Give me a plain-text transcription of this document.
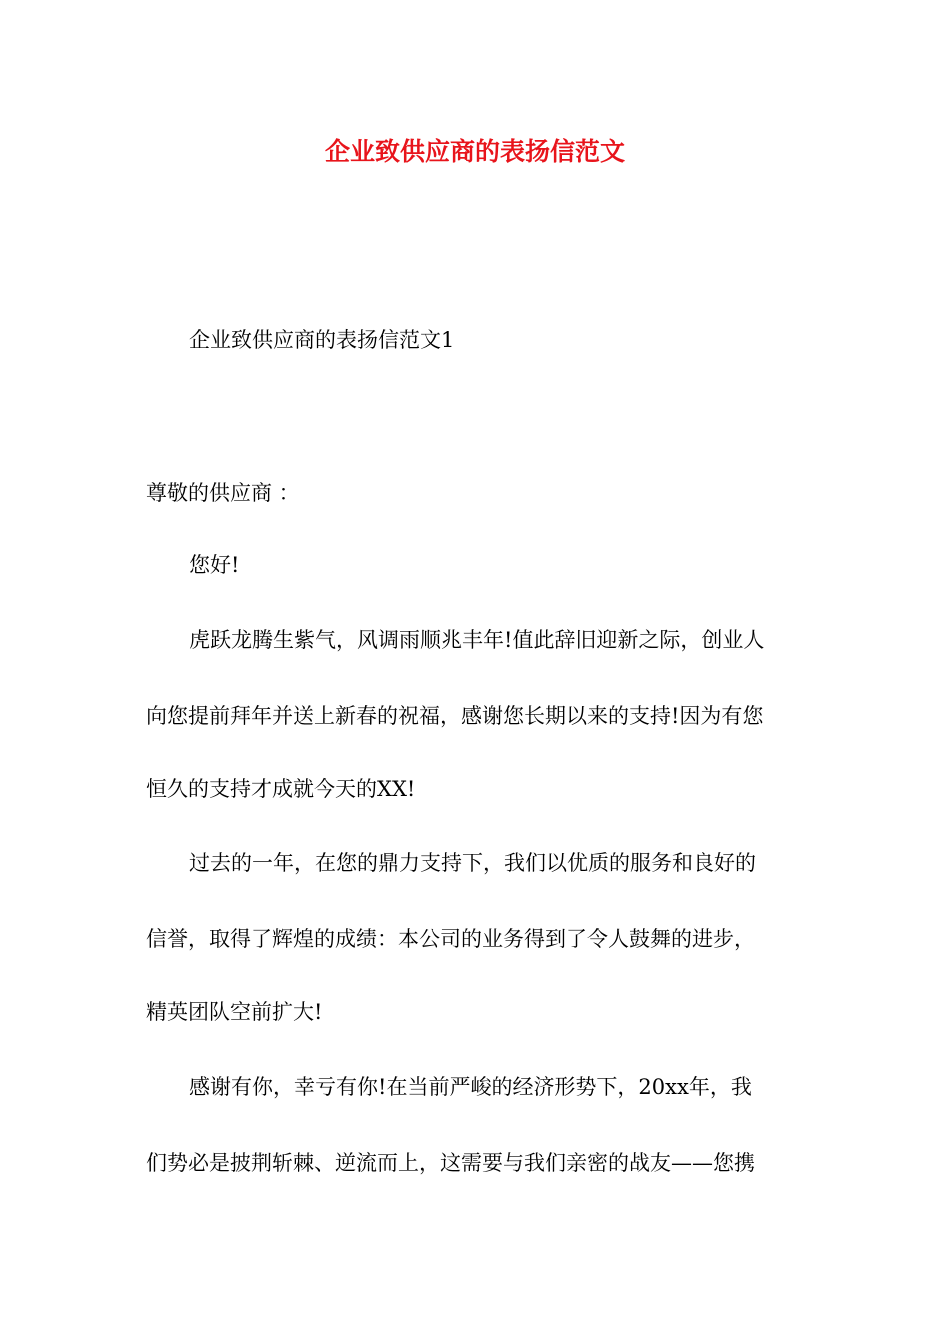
企业致供应商的表扬信范文
企业致供应商的表扬信范文1
尊敬的供应商 ：
您好!
虎跃龙腾生紫气，风调雨顺兆丰年!值此辞旧迎新之际，创业人
向您提前拜年并送上新春的祝福，感谢您长期以来的支持!因为有您
恒久的支持才成就今天的XX!
过去的一年，在您的鼎力支持下，我们以优质的服务和良好的
信誉，取得了辉煌的成绩：本公司的业务得到了令人鼓舞的进步，
精英团队空前扩大!
感谢有你，幸亏有你!在当前严峻的经济形势下，20xx年，我
们势必是披荆斩棘、逆流而上，这需要与我们亲密的战友——您携
